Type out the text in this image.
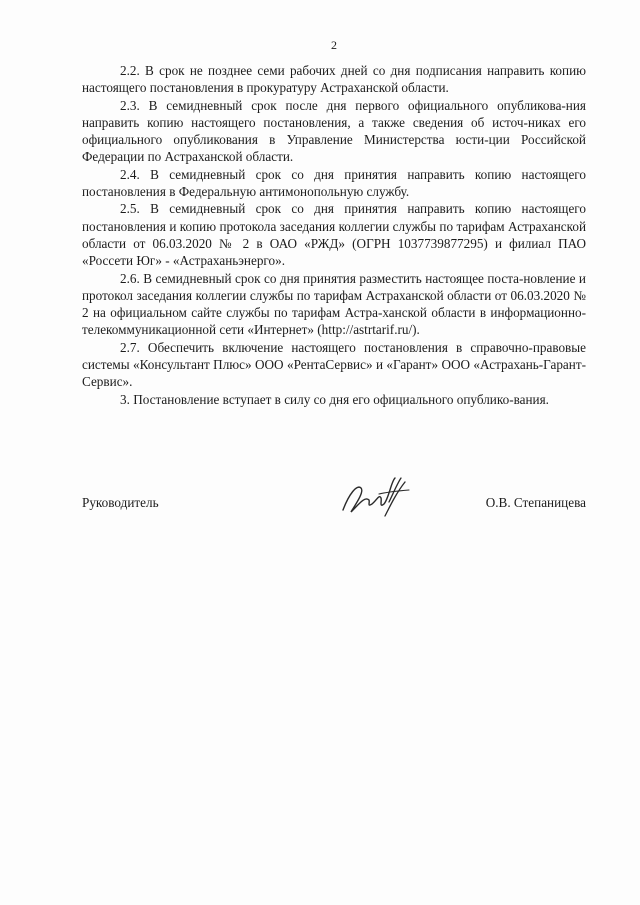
2

2.2. В срок не позднее семи рабочих дней со дня подписания направить копию настоящего постановления в прокуратуру Астраханской области.

2.3. В семидневный срок после дня первого официального опубликова-ния направить копию настоящего постановления, а также сведения об источ-никах его официального опубликования в Управление Министерства юсти-ции Российской Федерации по Астраханской области.

2.4. В семидневный срок со дня принятия направить копию настоящего постановления в Федеральную антимонопольную службу.

2.5. В семидневный срок со дня принятия направить копию настоящего постановления и копию протокола заседания коллегии службы по тарифам Астраханской области от 06.03.2020 № 2 в ОАО «РЖД» (ОГРН 1037739877295) и филиал ПАО «Россети Юг» - «Астраханьэнерго».

2.6. В семидневный срок со дня принятия разместить настоящее поста-новление и протокол заседания коллегии службы по тарифам Астраханской области от 06.03.2020 № 2 на официальном сайте службы по тарифам Астра-ханской области в информационно-телекоммуникационной сети «Интернет» (http://astrtarif.ru/).

2.7. Обеспечить включение настоящего постановления в справочно-правовые системы «Консультант Плюс» ООО «РентаСервис» и «Гарант» ООО «Астрахань-Гарант-Сервис».

3. Постановление вступает в силу со дня его официального опублико-вания.

Руководитель	О.В. Степаницева
